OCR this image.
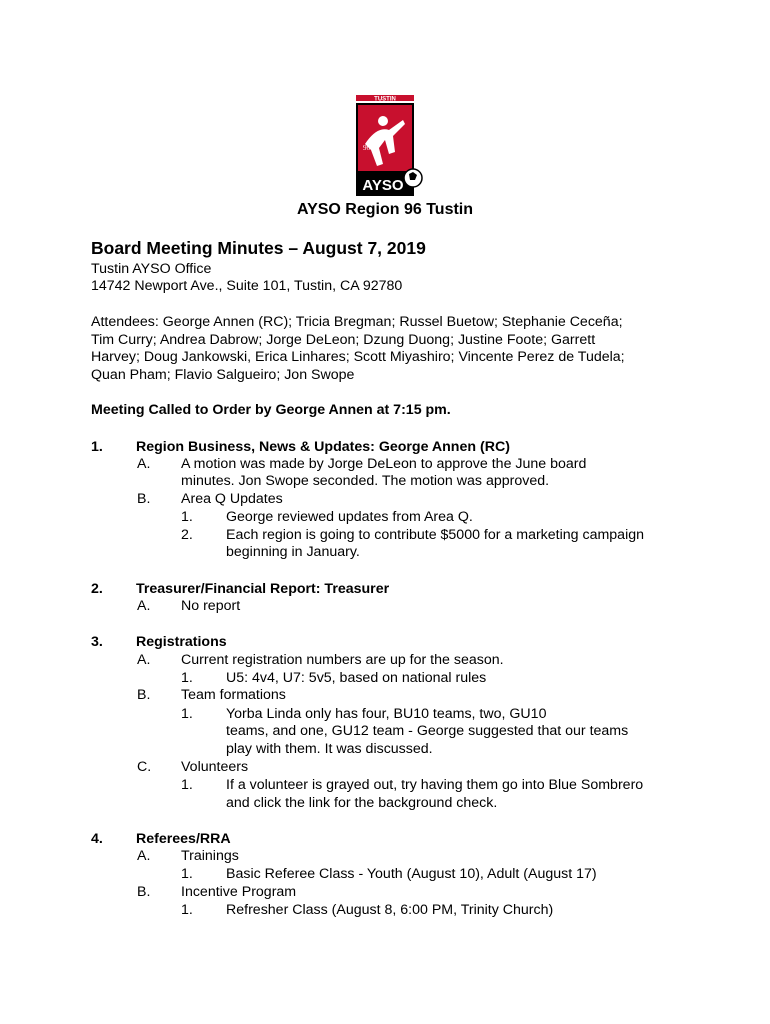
TUSTIN
96
AYSO
AYSO Region 96 Tustin
Board Meeting Minutes – August 7, 2019
Tustin AYSO Office
14742 Newport Ave., Suite 101, Tustin, CA 92780
Attendees: George Annen (RC); Tricia Bregman; Russel Buetow; Stephanie Ceceña;
Tim Curry; Andrea Dabrow; Jorge DeLeon; Dzung Duong; Justine Foote; Garrett
Harvey; Doug Jankowski, Erica Linhares; Scott Miyashiro; Vincente Perez de Tudela;
Quan Pham; Flavio Salgueiro; Jon Swope
Meeting Called to Order by George Annen at 7:15 pm.
1. Region Business, News & Updates: George Annen (RC)
A. A motion was made by Jorge DeLeon to approve the June board
minutes. Jon Swope seconded. The motion was approved.
B. Area Q Updates
1. George reviewed updates from Area Q.
2. Each region is going to contribute $5000 for a marketing campaign
beginning in January.
2. Treasurer/Financial Report: Treasurer
A. No report
3. Registrations
A. Current registration numbers are up for the season.
1. U5: 4v4, U7: 5v5, based on national rules
B. Team formations
1. Yorba Linda only has four, BU10 teams, two, GU10
teams, and one, GU12 team - George suggested that our teams
play with them. It was discussed.
C. Volunteers
1. If a volunteer is grayed out, try having them go into Blue Sombrero
and click the link for the background check.
4. Referees/RRA
A. Trainings
1. Basic Referee Class - Youth (August 10), Adult (August 17)
B. Incentive Program
1. Refresher Class (August 8, 6:00 PM, Trinity Church)
